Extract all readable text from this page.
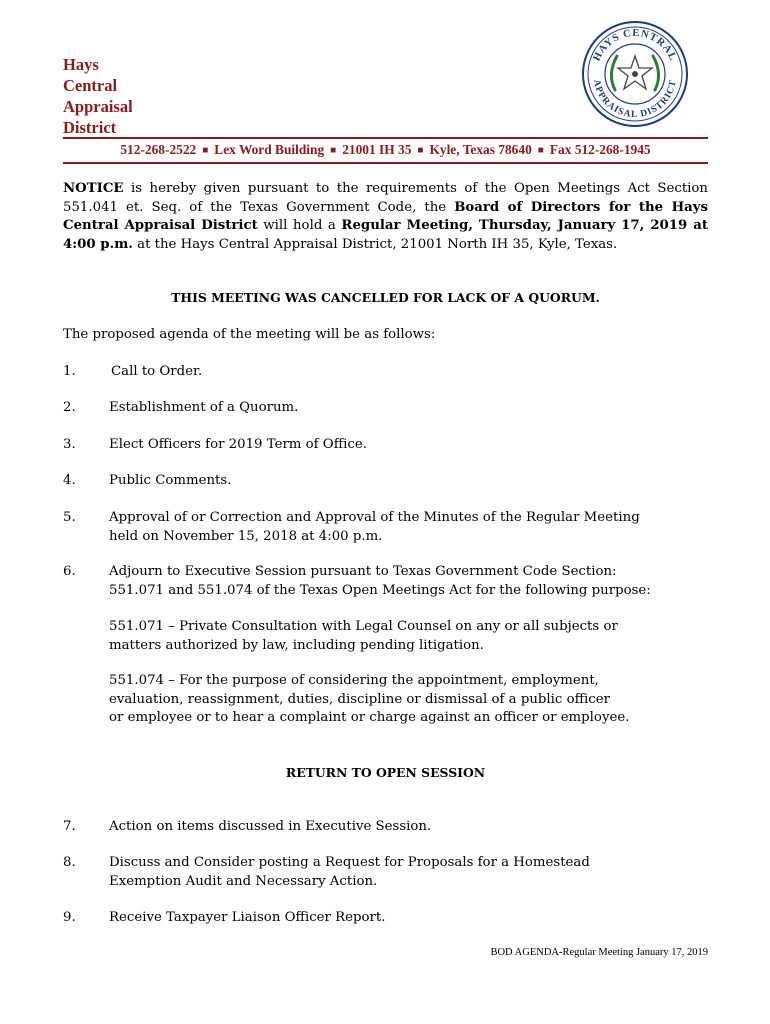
Hays
Central
Appraisal
District
HAYS CENTRAL
APPRAISAL DISTRICT
512-268-2522 ■ Lex Word Building ■ 21001 IH 35 ■ Kyle, Texas 78640 ■ Fax 512-268-1945
NOTICE is hereby given pursuant to the requirements of the Open Meetings Act Section 551.041 et. Seq. of the Texas Government Code, the Board of Directors for the Hays Central Appraisal District will hold a Regular Meeting, Thursday, January 17, 2019 at 4:00 p.m. at the Hays Central Appraisal District, 21001 North IH 35, Kyle, Texas.
THIS MEETING WAS CANCELLED FOR LACK OF A QUORUM.
The proposed agenda of the meeting will be as follows:
1.	Call to Order.
2.	Establishment of a Quorum.
3.	Elect Officers for 2019 Term of Office.
4.	Public Comments.
5.	Approval of or Correction and Approval of the Minutes of the Regular Meeting
held on November 15, 2018 at 4:00 p.m.
6.	Adjourn to Executive Session pursuant to Texas Government Code Section:
551.071 and 551.074 of the Texas Open Meetings Act for the following purpose:
551.071 – Private Consultation with Legal Counsel on any or all subjects or
matters authorized by law, including pending litigation.
551.074 – For the purpose of considering the appointment, employment,
evaluation, reassignment, duties, discipline or dismissal of a public officer
or employee or to hear a complaint or charge against an officer or employee.
RETURN TO OPEN SESSION
7.	Action on items discussed in Executive Session.
8.	Discuss and Consider posting a Request for Proposals for a Homestead
Exemption Audit and Necessary Action.
9.	Receive Taxpayer Liaison Officer Report.
BOD AGENDA-Regular Meeting January 17, 2019
